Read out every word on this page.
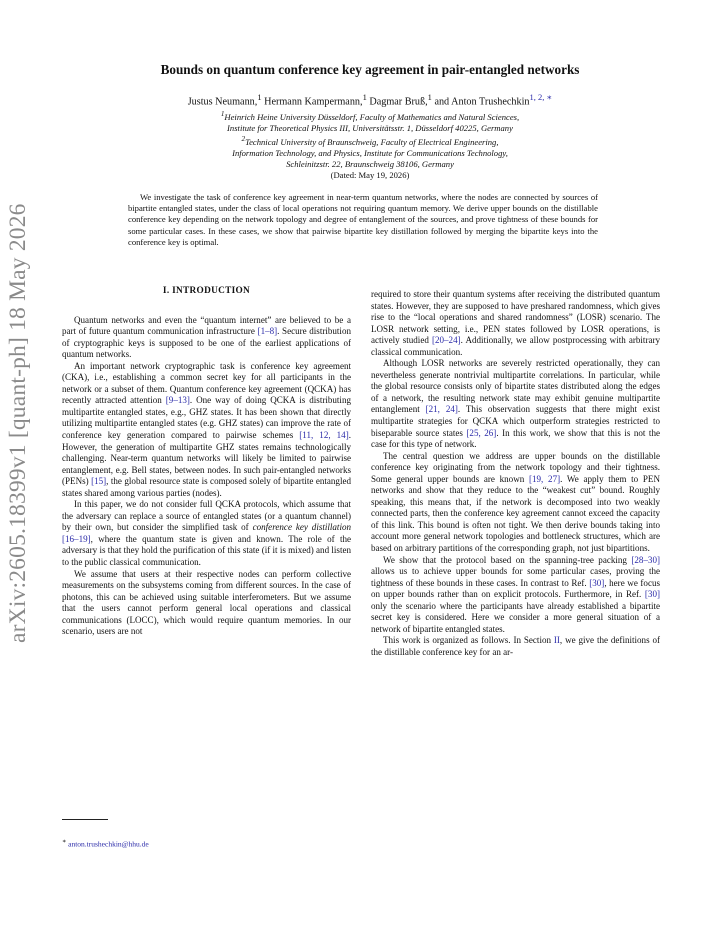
arXiv:2605.18399v1 [quant-ph] 18 May 2026
Bounds on quantum conference key agreement in pair-entangled networks
Justus Neumann,$^1$ Hermann Kampermann,$^1$ Dagmar Bruß,$^1$ and Anton Trushechkin$^{1, 2, ∗}$
$^1$Heinrich Heine University Düsseldorf, Faculty of Mathematics and Natural Sciences,
Institute for Theoretical Physics III, Universitätsstr. 1, Düsseldorf 40225, Germany
$^2$Technical University of Braunschweig, Faculty of Electrical Engineering,
Information Technology, and Physics, Institute for Communications Technology,
Schleinitzstr. 22, Braunschweig 38106, Germany
(Dated: May 19, 2026)
We investigate the task of conference key agreement in near-term quantum networks, where the nodes are connected by sources of bipartite entangled states, under the class of local operations not requiring quantum memory. We derive upper bounds on the distillable conference key depending on the network topology and degree of entanglement of the sources, and prove tightness of these bounds for some particular cases. In these cases, we show that pairwise bipartite key distillation followed by merging the bipartite keys into the conference key is optimal.
I. INTRODUCTION

Quantum networks and even the “quantum internet” are believed to be a part of future quantum communication infrastructure [1–8]. Secure distribution of cryptographic keys is supposed to be one of the earliest applications of quantum networks.

An important network cryptographic task is conference key agreement (CKA), i.e., establishing a common secret key for all participants in the network or a subset of them. Quantum conference key agreement (QCKA) has recently attracted attention [9–13]. One way of doing QCKA is distributing multipartite entangled states, e.g., GHZ states. It has been shown that directly utilizing multipartite entangled states (e.g. GHZ states) can improve the rate of conference key generation compared to pairwise schemes [11, 12, 14]. However, the generation of multipartite GHZ states remains technologically challenging. Near-term quantum networks will likely be limited to pairwise entanglement, e.g. Bell states, between nodes. In such pair-entangled networks (PENs) [15], the global resource state is composed solely of bipartite entangled states shared among various parties (nodes).

In this paper, we do not consider full QCKA protocols, which assume that the adversary can replace a source of entangled states (or a quantum channel) by their own, but consider the simplified task of conference key distillation [16–19], where the quantum state is given and known. The role of the adversary is that they hold the purification of this state (if it is mixed) and listen to the public classical communication.

We assume that users at their respective nodes can perform collective measurements on the subsystems coming from different sources. In the case of photons, this can be achieved using suitable interferometers. But we assume that the users cannot perform general local operations and classical communications (LOCC), which would require quantum memories. In our scenario, users are not

required to store their quantum systems after receiving the distributed quantum states. However, they are supposed to have preshared randomness, which gives rise to the “local operations and shared randomness” (LOSR) scenario. The LOSR network setting, i.e., PEN states followed by LOSR operations, is actively studied [20–24]. Additionally, we allow postprocessing with arbitrary classical communication.

Although LOSR networks are severely restricted operationally, they can nevertheless generate nontrivial multipartite correlations. In particular, while the global resource consists only of bipartite states distributed along the edges of a network, the resulting network state may exhibit genuine multipartite entanglement [21, 24]. This observation suggests that there might exist multipartite strategies for QCKA which outperform strategies restricted to biseparable source states [25, 26]. In this work, we show that this is not the case for this type of network.

The central question we address are upper bounds on the distillable conference key originating from the network topology and their tightness. Some general upper bounds are known [19, 27]. We apply them to PEN networks and show that they reduce to the “weakest cut” bound. Roughly speaking, this means that, if the network is decomposed into two weakly connected parts, then the conference key agreement cannot exceed the capacity of this link. This bound is often not tight. We then derive bounds taking into account more general network topologies and bottleneck structures, which are based on arbitrary partitions of the corresponding graph, not just bipartitions.

We show that the protocol based on the spanning-tree packing [28–30] allows us to achieve upper bounds for some particular cases, proving the tightness of these bounds in these cases. In contrast to Ref. [30], here we focus on upper bounds rather than on explicit protocols. Furthermore, in Ref. [30] only the scenario where the participants have already established a bipartite secret key is considered. Here we consider a more general situation of a network of bipartite entangled states.

This work is organized as follows. In Section II, we give the definitions of the distillable conference key for an ar-

∗ anton.trushechkin@hhu.de
